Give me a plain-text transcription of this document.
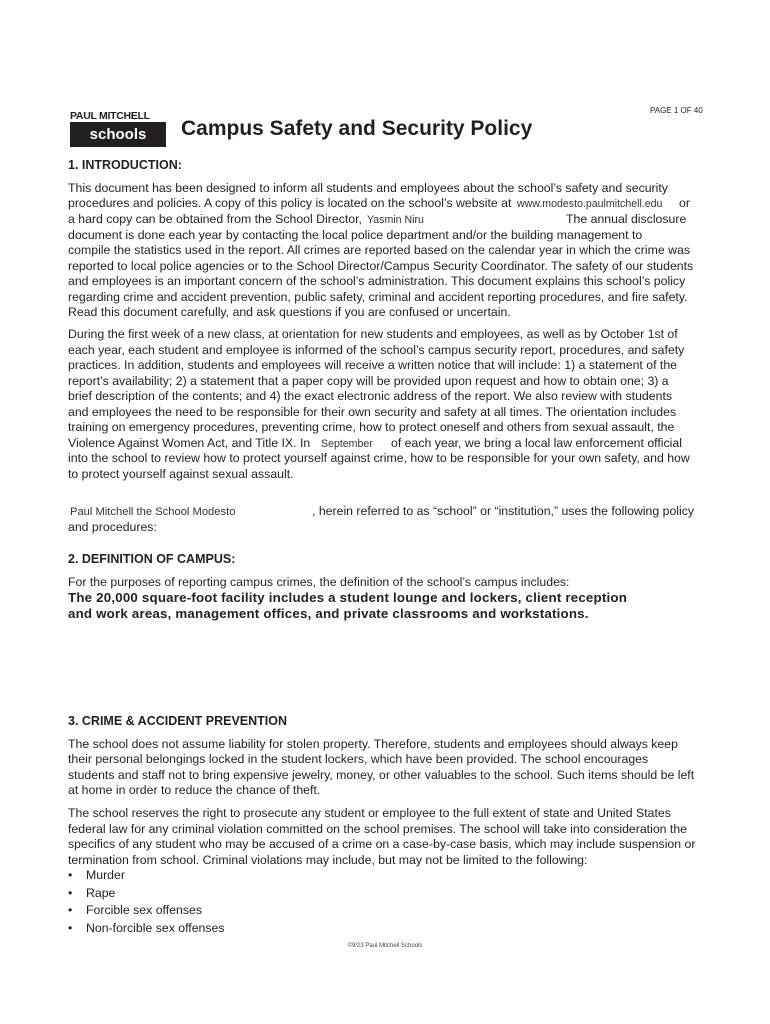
PAUL MITCHELL
schools	Campus Safety and Security Policy
PAGE 1 OF 40
1. INTRODUCTION:
This document has been designed to inform all students and employees about the school’s safety and security
procedures and policies. A copy of this policy is located on the school’s website at www.modesto.paulmitchell.edu or
a hard copy can be obtained from the School Director, Yasmin Niru	The annual disclosure
document is done each year by contacting the local police department and/or the building management to
compile the statistics used in the report. All crimes are reported based on the calendar year in which the crime was
reported to local police agencies or to the School Director/Campus Security Coordinator. The safety of our students
and employees is an important concern of the school’s administration. This document explains this school’s policy
regarding crime and accident prevention, public safety, criminal and accident reporting procedures, and fire safety.
Read this document carefully, and ask questions if you are confused or uncertain.
During the first week of a new class, at orientation for new students and employees, as well as by October 1st of
each year, each student and employee is informed of the school’s campus security report, procedures, and safety
practices. In addition, students and employees will receive a written notice that will include: 1) a statement of the
report’s availability; 2) a statement that a paper copy will be provided upon request and how to obtain one; 3) a
brief description of the contents; and 4) the exact electronic address of the report. We also review with students
and employees the need to be responsible for their own security and safety at all times. The orientation includes
training on emergency procedures, preventing crime, how to protect oneself and others from sexual assault, the
Violence Against Women Act, and Title IX. In September of each year, we bring a local law enforcement official
into the school to review how to protect yourself against crime, how to be responsible for your own safety, and how
to protect yourself against sexual assault.
Paul Mitchell the School Modesto	, herein referred to as “school” or “institution,” uses the following policy
and procedures:
2. DEFINITION OF CAMPUS:
For the purposes of reporting campus crimes, the definition of the school’s campus includes:
The 20,000 square-foot facility includes a student lounge and lockers, client reception
and work areas, management offices, and private classrooms and workstations.
3. CRIME & ACCIDENT PREVENTION
The school does not assume liability for stolen property. Therefore, students and employees should always keep
their personal belongings locked in the student lockers, which have been provided. The school encourages
students and staff not to bring expensive jewelry, money, or other valuables to the school. Such items should be left
at home in order to reduce the chance of theft.
The school reserves the right to prosecute any student or employee to the full extent of state and United States
federal law for any criminal violation committed on the school premises. The school will take into consideration the
specifics of any student who may be accused of a crime on a case-by-case basis, which may include suspension or
termination from school. Criminal violations may include, but may not be limited to the following:
• Murder
• Rape
• Forcible sex offenses
• Non-forcible sex offenses
©9/23 Paul Mitchell Schools
